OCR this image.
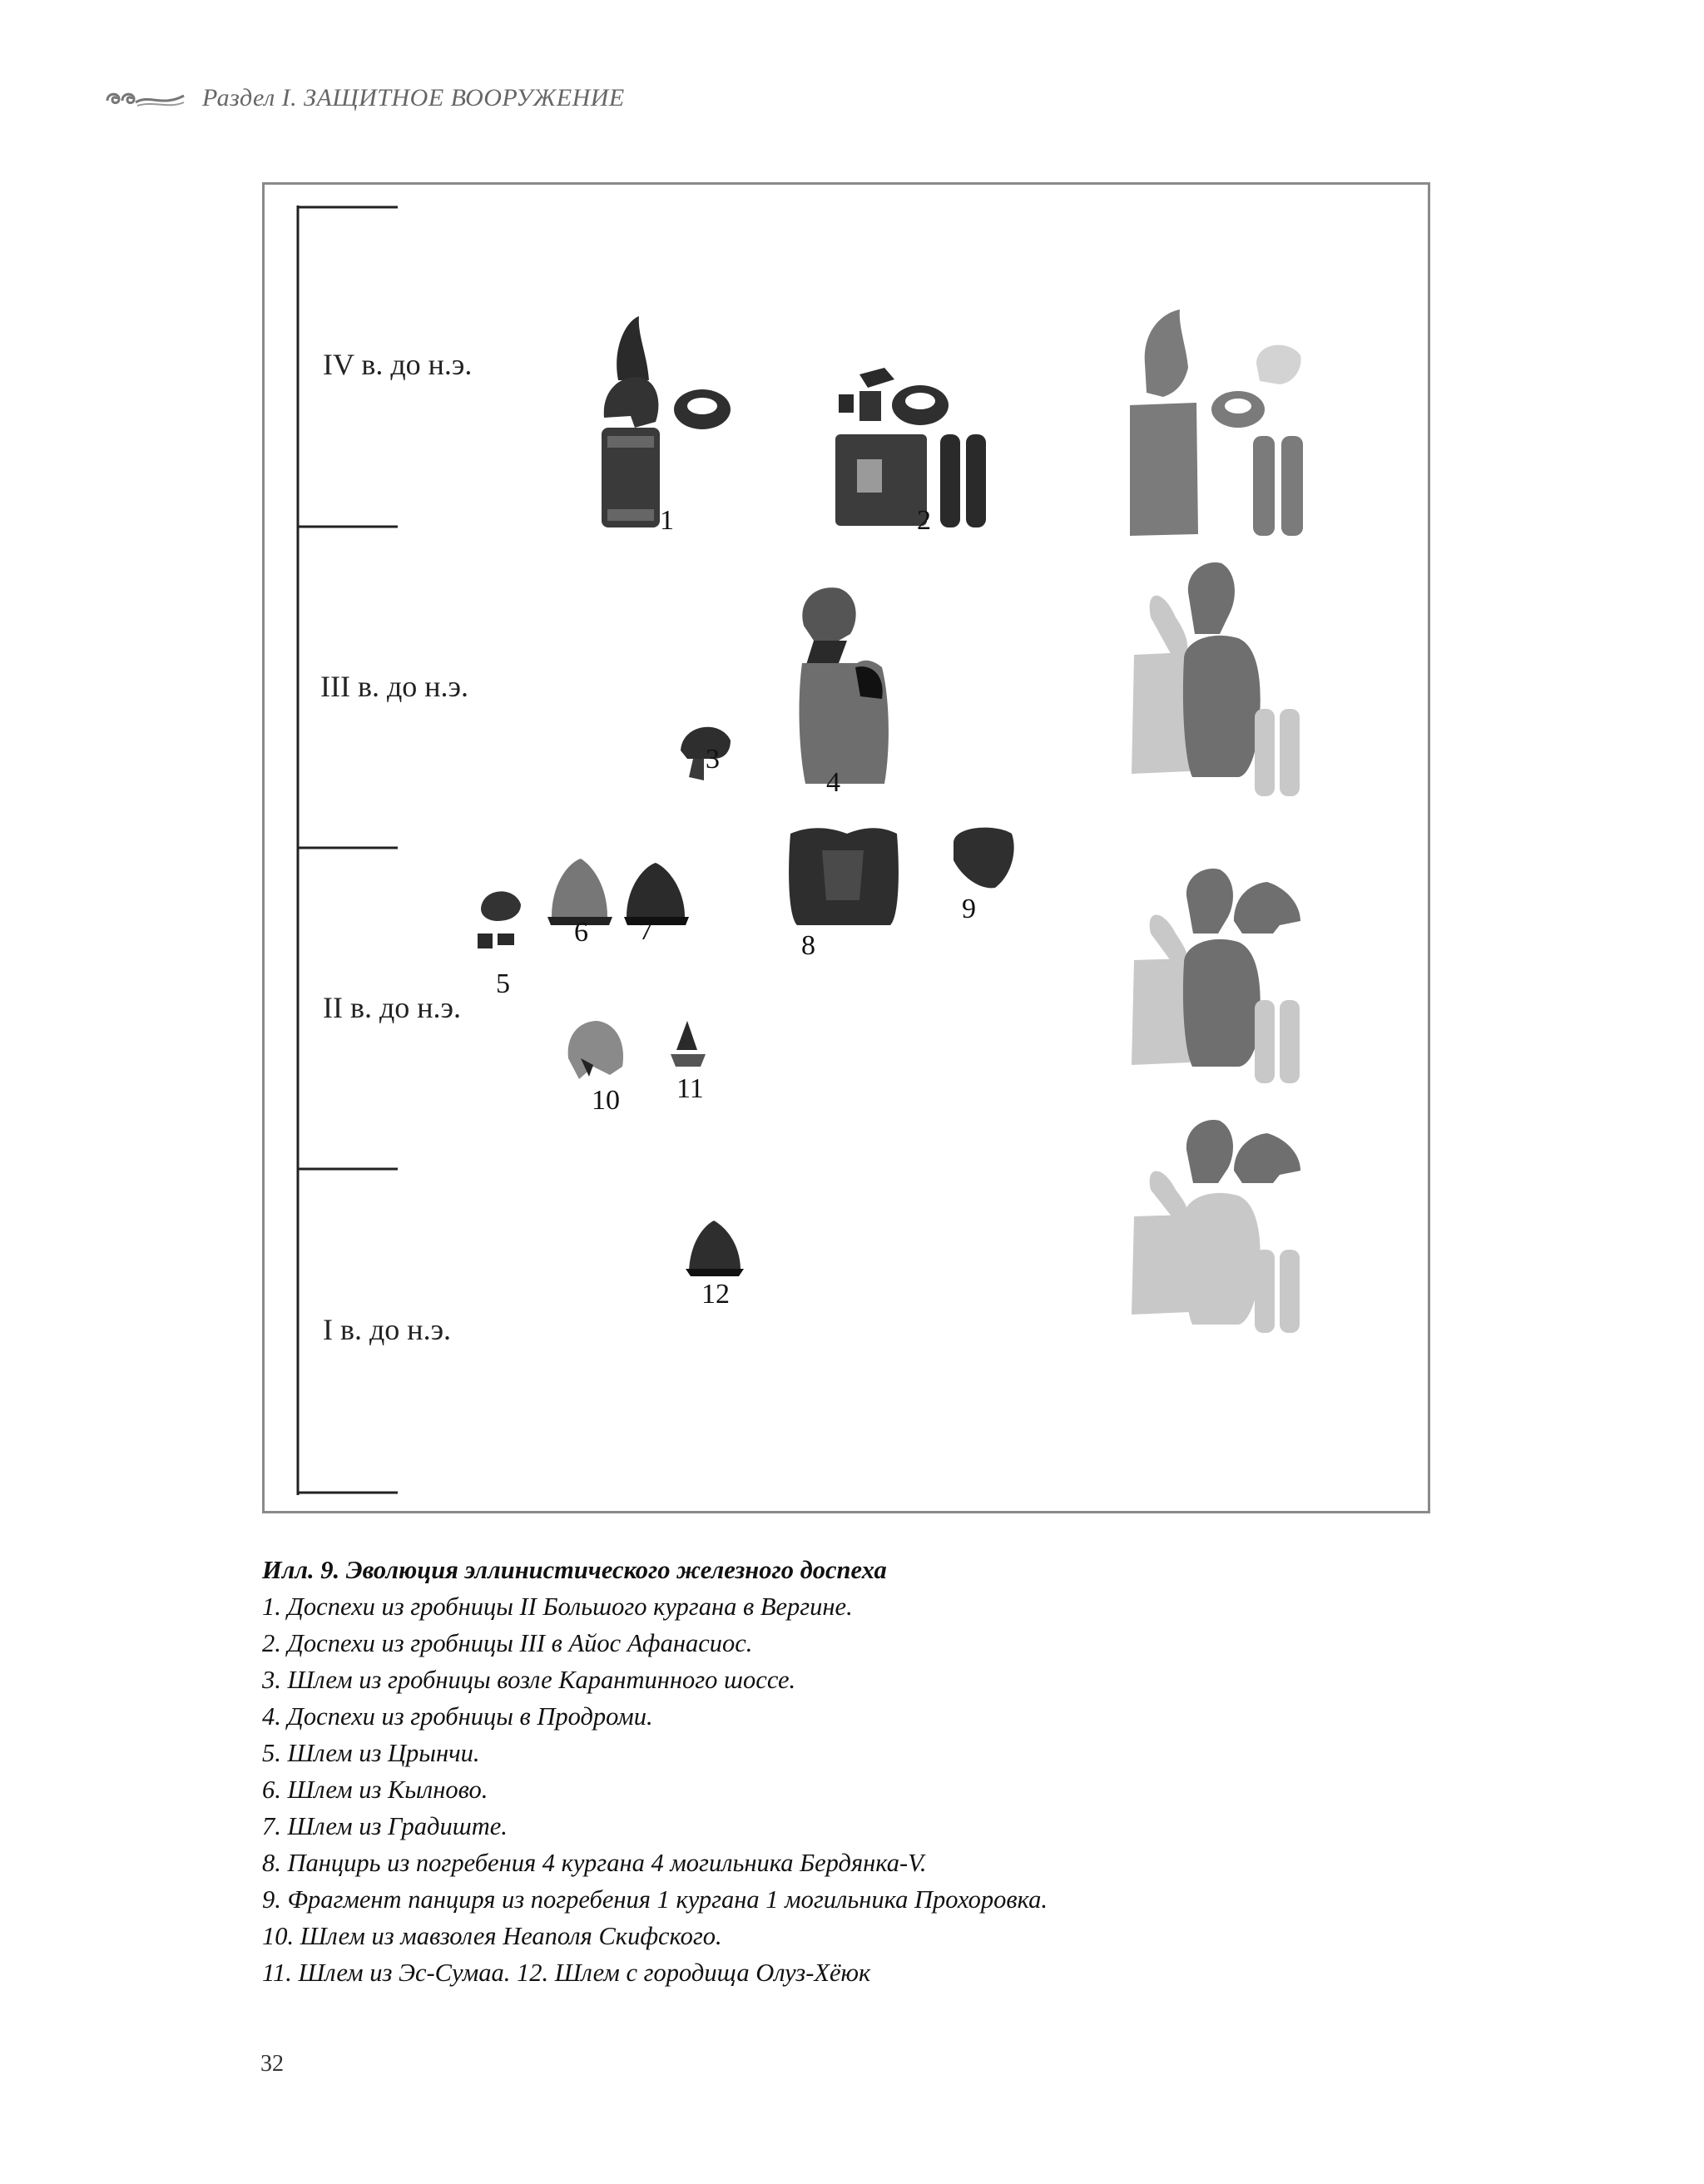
Раздел I. ЗАЩИТНОЕ ВООРУЖЕНИЕ
IV в. до н.э.
III в. до н.э.
II в. до н.э.
I в. до н.э.
1	2
3
4
5
6 7	8
9
10 11
12
Илл. 9. Эволюция эллинистического железного доспеха
1. Доспехи из гробницы II Большого кургана в Вергине.
2. Доспехи из гробницы III в Айос Афанасиос.
3. Шлем из гробницы возле Карантинного шоссе.
4. Доспехи из гробницы в Продроми.
5. Шлем из Црынчи.
6. Шлем из Кылново.
7. Шлем из Градиште.
8. Панцирь из погребения 4 кургана 4 могильника Бердянка-V.
9. Фрагмент панциря из погребения 1 кургана 1 могильника Прохоровка.
10. Шлем из мавзолея Неаполя Скифского.
11. Шлем из Эс-Сумаа. 12. Шлем с городища Олуз-Хёюк
32
